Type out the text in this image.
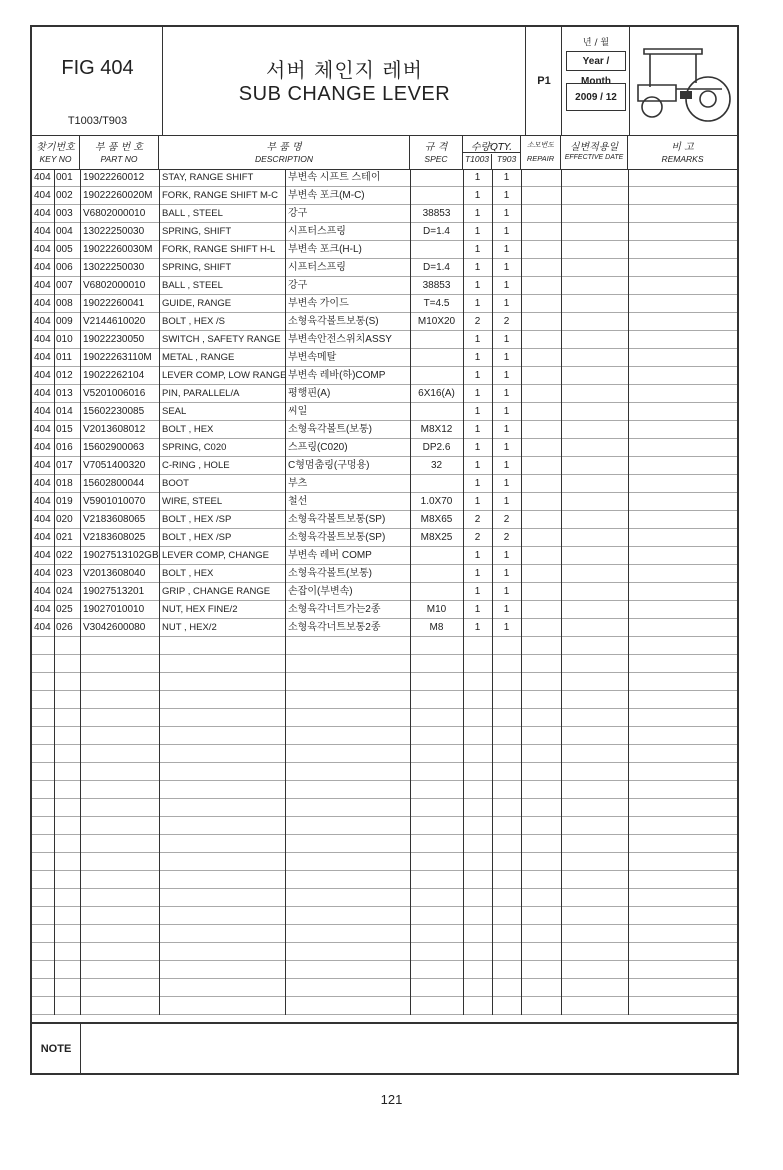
FIG 404
T1003/T903
서버 체인지 레버
SUB CHANGE LEVER
P1
년 / 월
Year / Month
2009 / 12
찾기번호
KEY NO
부 품 번 호
PART NO
부 품 명
DESCRIPTION
규 격
SPEC
수량QTY.
T1003 T903
소모번도
REPAIR
실변적용일
EFFECTIVE DATE
비 고
REMARKS
404 001	19022260012	STAY, RANGE SHIFT	부변속 시프트 스테이	1	1
404 002	19022260020M FORK, RANGE SHIFT M-C	부변속 포크(M-C)	1	1
404 003	V6802000010	BALL , STEEL	강구	38853	1	1
404 004	13022250030	SPRING, SHIFT	시프터스프링	D=1.4	1	1
404 005	19022260030M FORK, RANGE SHIFT H-L	부변속 포크(H-L)	1	1
404 006	13022250030	SPRING, SHIFT	시프터스프링	D=1.4	1	1
404 007	V6802000010	BALL , STEEL	강구	38853	1	1
404 008	19022260041	GUIDE, RANGE	부변속 가이드	T=4.5	1	1
404 009	V2144610020	BOLT , HEX /S	소형육각볼트보통(S)	M10X20	2	2
404 010	19022230050	SWITCH , SAFETY RANGE 부변속안전스위치ASSY	1	1
404 011	19022263110M	METAL , RANGE	부변속메탈	1	1
404 012	19022262104	LEVER COMP, LOW RANGE 부변속 레바(하)COMP	1	1
404 013	V5201006016	PIN, PARALLEL/A	평행핀(A)	6X16(A)	1	1
404 014	15602230085	SEAL	씨일	1	1
404 015	V2013608012	BOLT , HEX	소형육각볼트(보통)	M8X12	1	1
404 016	15602900063	SPRING, C020	스프링(C020)	DP2.6	1	1
404 017	V7051400320	C-RING , HOLE	C형멈춤링(구멍용)	32	1	1
404 018	15602800044	BOOT	부츠	1	1
404 019	V5901010070	WIRE, STEEL	철선	1.0X70	1	1
404 020	V2183608065	BOLT , HEX /SP	소형육각볼트보통(SP)	M8X65	2	2
404 021	V2183608025	BOLT , HEX /SP	소형육각볼트보통(SP)	M8X25	2	2
404 022	19027513102GB LEVER COMP, CHANGE	부변속 레버 COMP	1	1
404 023	V2013608040	BOLT , HEX	소형육각볼트(보통)	1	1
404 024	19027513201	GRIP , CHANGE RANGE	손잡이(부변속)	1	1
404 025	19027010010	NUT, HEX FINE/2	소형육각너트가는2종	M10	1	1
404 026	V3042600080	NUT , HEX/2	소형육각너트보통2종	M8	1	1
NOTE
121
